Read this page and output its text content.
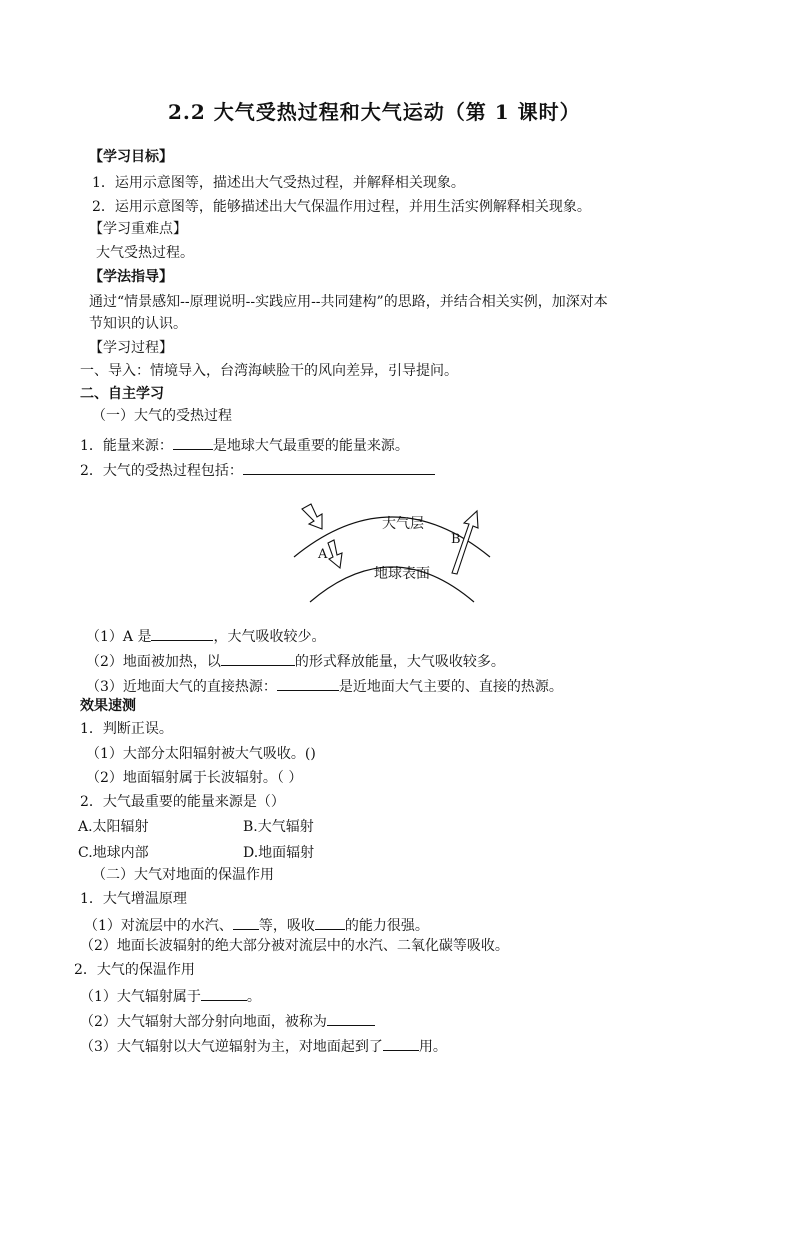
2.2 大气受热过程和大气运动（第 1 课时）
【学习目标】
1．运用示意图等，描述出大气受热过程，并解释相关现象。
2．运用示意图等，能够描述出大气保温作用过程，并用生活实例解释相关现象。
【学习重难点】
大气受热过程。
【学法指导】
通过“情景感知--原理说明--实践应用--共同建构”的思路，并结合相关实例，加深对本
节知识的认识。
【学习过程】
一、导入：情境导入，台湾海峡脸干的风向差异，引导提问。
二、自主学习
（一）大气的受热过程
1．能量来源：	是地球大气最重要的能量来源。
2．大气的受热过程包括：
大气层
地球表面
A
B
（1）A 是	，大气吸收较少。
（2）地面被加热，以	的形式释放能量，大气吸收较多。
（3）近地面大气的直接热源：	是近地面大气主要的、直接的热源。
效果速测
1．判断正误。
（1）大部分太阳辐射被大气吸收。()
（2）地面辐射属于长波辐射。（ ）
2．大气最重要的能量来源是（）
A.太阳辐射	B.大气辐射
C.地球内部	D.地面辐射
（二）大气对地面的保温作用
1．大气增温原理
（1）对流层中的水汽、 等，吸收 的能力很强。
（2）地面长波辐射的绝大部分被对流层中的水汽、二氧化碳等吸收。
2．大气的保温作用
（1）大气辐射属于	。
（2）大气辐射大部分射向地面，被称为
（3）大气辐射以大气逆辐射为主，对地面起到了	用。
